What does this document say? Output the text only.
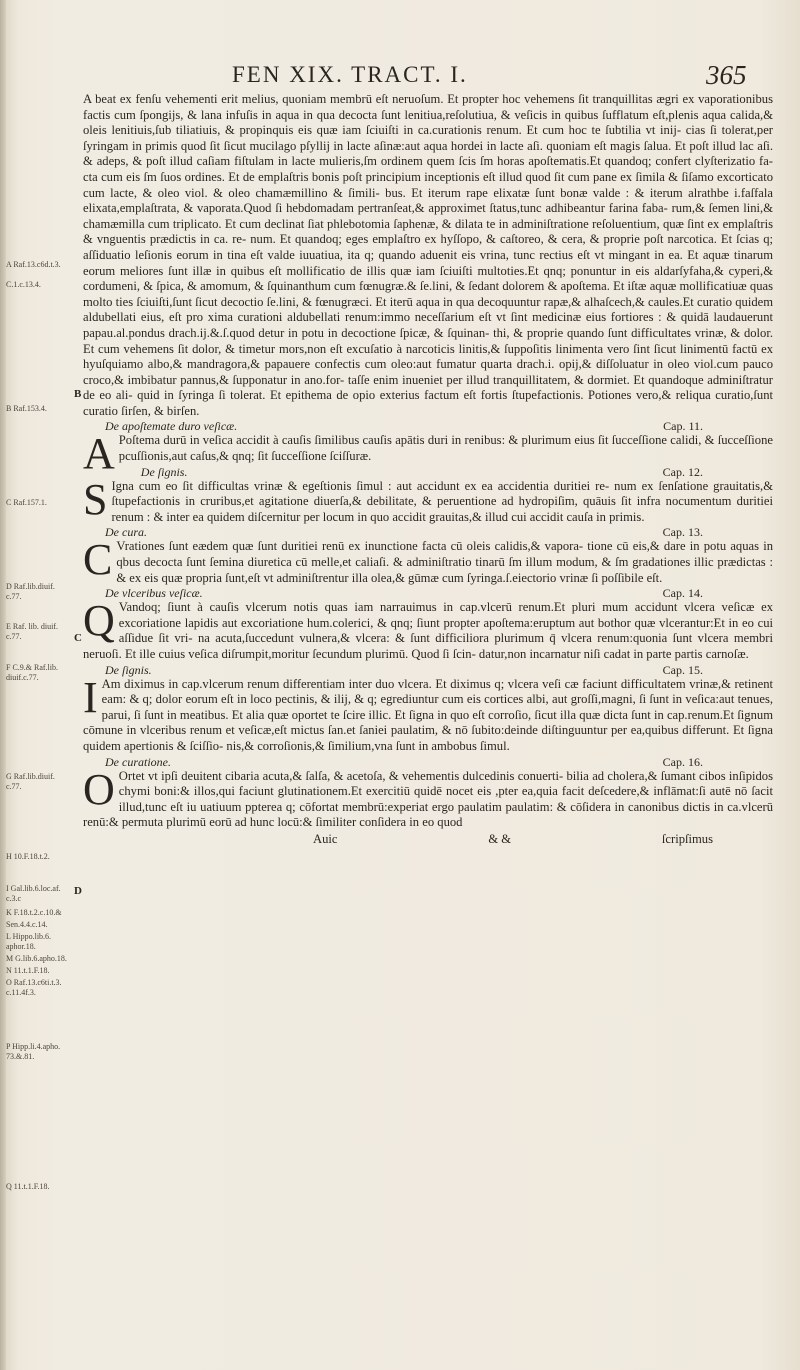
FEN XIX. TRACT. I.	365
A Raf.13.c6d.t.3.
C.1.c.13.4.
B Raf.153.4.
C Raf.157.1.
D Raf.lib.diuif.
c.77.
E Raf. lib. diuif.
c.77.
F C.9.& Raf.lib.
diuif.c.77.
G Raf.lib.diuif.
c.77.
H 10.F.18.t.2.
I Gal.lib.6.loc.af.
c.3.c
K F.18.t.2.c.10.&
Sen.4.4.c.14.
L Hippo.lib.6.
aphor.18.
M G.lib.6.apho.18.
N 11.t.1.F.18.
O Raf.13.c6ti.t.3.
c.11.4f.3.
P Hipp.li.4.apho.
73.&.81.
Q 11.t.1.F.18.
B
C
D

A beat ex fenſu vehementi erit melius, quoniam membrū eſt neruoſum. Et propter hoc vehemens ſit tranquillitas ægri ex vaporationibus factis cum ſpongijs, & lana infuſis in aqua in qua decocta ſunt lenitiua,reſolutiua, & veſicis in quibus ſufflatum eſt,plenis aqua calida,& oleis lenitiuis,ſub tiliatiuis, & propinquis eis quæ iam ſciuiſti in ca.curationis renum. Et cum hoc te ſubtilia vt inij- cias ſi tolerat,per ſyringam in primis quod ſit ſicut mucilago pſyllij in lacte aſinæ:aut aqua hordei in lacte aſi. quoniam eſt magis ſalua. Et poſt illud lac aſi. & adeps, & poſt illud caſiam fiſtulam in lacte mulieris,ſm ordinem quem ſcis ſm horas apoſtematis.Et quandoq; confert clyſterizatio fa- cta cum eis ſm ſuos ordines. Et de emplaſtris bonis poſt principium inceptionis eſt illud quod ſit cum pane ex ſimila & ſiſamo excorticato cum lacte, & oleo viol. & oleo chamæmillino & ſimili- bus. Et iterum rape elixatæ ſunt bonæ valde : & iterum alrathbe i.faſfala elixata,emplaſtrata, & vaporata.Quod ſi hebdomadam pertranſeat,& approximet ſtatus,tunc adhibeantur farina faba- rum,& ſemen lini,& chamæmilla cum triplicato. Et cum declinat ſiat phlebotomia ſaphenæ, & dilata te in adminiſtratione reſoluentium, quæ ſint ex emplaſtris & vnguentis prædictis in ca. re- num. Et quandoq; eges emplaſtro ex hyſſopo, & caſtoreo, & cera, & proprie poſt narcotica. Et ſcias q; aſſiduatio leſionis eorum in tina eſt valde iuuatiua, ita q; quando aduenit eis vrina, tunc rectius eſt vt mingant in ea. Et aquæ tinarum eorum meliores ſunt illæ in quibus eſt mollificatio de illis quæ iam ſciuiſti multoties.Et qnq; ponuntur in eis aldarſyfaha,& cyperi,& cordumeni, & ſpica, & amomum, & ſquinanthum cum fœnugræ.& ſe.lini, & ſedant dolorem & apoſtema. Et iſtæ aquæ mollificatiuæ quas molto ties ſciuiſti,ſunt ſicut decoctio ſe.lini, & fœnugræci. Et iterū aqua in qua decoquuntur rapæ,& alhaſcech,& caules.Et curatio quidem aldubellati eius, eſt pro xima curationi aldubellati renum:immo neceſſarium eſt vt ſint medicinæ eius fortiores : & quidā laudauerunt papau.al.pondus drach.ij.&.ſ.quod detur in potu in decoctione ſpicæ, & ſquinan- thi, & proprie quando ſunt difficultates vrinæ, & dolor. Et cum vehemens ſit dolor, & timetur mors,non eſt excuſatio à narcoticis linitis,& ſuppoſitis linimenta vero ſint ſicut linimentū factū ex hyuſquiamo albo,& mandragora,& papauere confectis cum oleo:aut fumatur quarta drach.i. opij,& diſſoluatur in oleo viol.cum pauco croco,& imbibatur pannus,& ſupponatur in ano.for- taſſe enim inueniet per illud tranquillitatem, & dormiet. Et quandoque adminiſtratur de eo ali- quid in ſyringa ſi tolerat. Et epithema de opio exterius factum eſt fortis ſtupefactionis. Potiones vero,& reliqua curatio,ſunt curatio ſirſen, & birſen.

De apoſtemate duro veſicæ.	Cap. 11.

A Poſtema durū in veſica accidit à cauſis ſimilibus cauſis apātis duri in renibus: & plurimum eius ſit ſucceſſione calidi, & ſucceſſione pcuſſionis,aut caſus,& qnq; ſit ſucceſſione ſciſſuræ.

De ſignis.	Cap. 12.

S Igna cum eo ſit difficultas vrinæ & egeſtionis ſimul : aut accidunt ex ea accidentia duritiei re- num ex ſenſatione grauitatis,& ſtupefactionis in cruribus,et agitatione diuerſa,& debilitate, & peruentione ad hydropiſim, quāuis ſit infra nocumentum duritiei renum : & inter ea quidem diſcernitur per locum in quo accidit grauitas,& illud cui accidit cauſa in primis.

De cura.	Cap. 13.

C Vrationes ſunt eædem quæ ſunt duritiei renū ex inunctione facta cū oleis calidis,& vapora- tione cū eis,& dare in potu aquas in qbus decocta ſunt ſemina diuretica cū melle,et caliaſi. & adminiſtratio tinarū ſm illum modum, & ſm gradationes illic prædictas : & ex eis quæ propria ſunt,eſt vt adminiſtrentur illa olea,& gūmæ cum ſyringa.ſ.eiectorio vrinæ ſi poſſibile eſt.

De vlceribus veſicæ.	Cap. 14.

Q Vandoq; ſiunt à cauſis vlcerum notis quas iam narrauimus in cap.vlcerū renum.Et pluri mum accidunt vlcera veſicæ ex excoriatione lapidis aut excoriatione hum.colerici, & qnq; ſiunt propter apoſtema:eruptum aut bothor quæ vlcerantur:Et in eo cui aſſidue ſit vri- na acuta,ſuccedunt vulnera,& vlcera: & ſunt difficiliora plurimum q̄ vlcera renum:quonia ſunt vlcera membri neruoſi. Et ille cuius veſica diſrumpit,moritur ſecundum plurimū. Quod ſi ſcin- datur,non incarnatur niſi cadat in parte partis carnoſæ.

De ſignis.	Cap. 15.

I Am diximus in cap.vlcerum renum differentiam inter duo vlcera. Et diximus q; vlcera veſi cæ faciunt difficultatem vrinæ,& retinent eam: & q; dolor eorum eſt in loco pectinis, & ilij, & q; egrediuntur cum eis cortices albi, aut groſſi,magni, ſi ſunt in veſica:aut tenues, parui, ſi ſunt in meatibus. Et alia quæ oportet te ſcire illic. Et ſigna in quo eſt corroſio, ſicut illa quæ dicta ſunt in cap.renum.Et ſignum cōmune in vlceribus renum et veſicæ,eſt mictus ſan.et ſaniei paulatim, & nō ſubito:deinde diſtinguuntur per ea,quibus differunt. Et ſigna quidem apertionis & ſciſſio- nis,& corroſionis,& ſimilium,vna ſunt in ambobus ſimul.

De curatione.	Cap. 16.

O Ortet vt ipſi deuitent cibaria acuta,& ſalſa, & acetoſa, & vehementis dulcedinis conuerti- bilia ad cholera,& ſumant cibos inſipidos chymi boni:& illos,qui faciunt glutinationem.Et exercitiū quidē nocet eis ,pter ea,quia facit deſcedere,& inflāmat:ſi autē nō ſacit illud,tunc eſt iu uatiuum ppterea q; cōfortat membrū:experiat ergo paulatim paulatim: & cōſidera in canonibus dictis in ca.vlcerū renū:& permuta plurimū eorū ad hunc locū:& ſimiliter conſidera in eo quod

Auic	& &	ſcripſimus
